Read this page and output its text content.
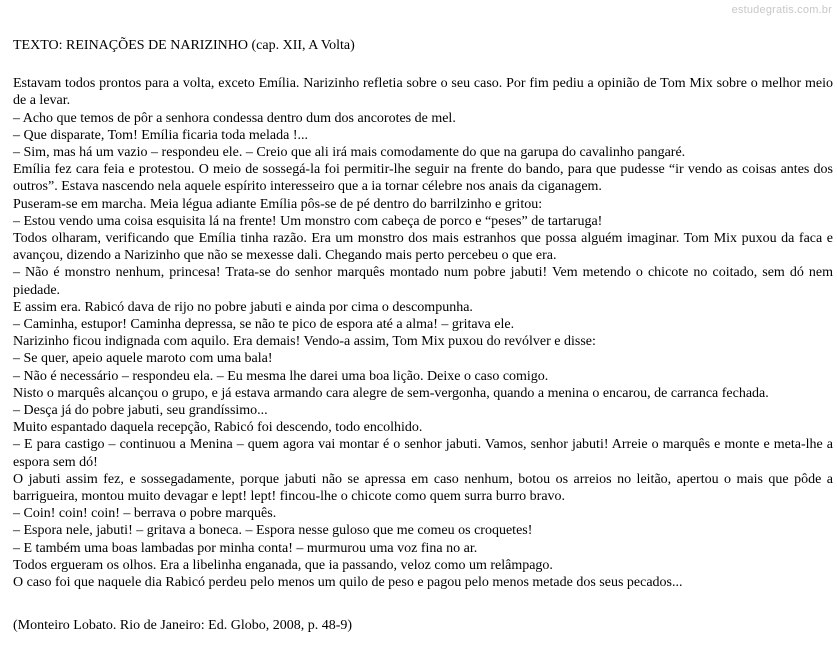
estudegratis.com.br
TEXTO: REINAÇÕES DE NARIZINHO (cap. XII, A Volta)

Estavam todos prontos para a volta, exceto Emília. Narizinho refletia sobre o seu caso. Por fim pediu a opinião de Tom Mix sobre o melhor meio de a levar.

– Acho que temos de pôr a senhora condessa dentro dum dos ancorotes de mel.

– Que disparate, Tom! Emília ficaria toda melada !...

– Sim, mas há um vazio – respondeu ele. – Creio que ali irá mais comodamente do que na garupa do cavalinho pangaré.

Emília fez cara feia e protestou. O meio de sossegá-la foi permitir-lhe seguir na frente do bando, para que pudesse “ir vendo as coisas antes dos outros”. Estava nascendo nela aquele espírito interesseiro que a ia tornar célebre nos anais da ciganagem.

Puseram-se em marcha. Meia légua adiante Emília pôs-se de pé dentro do barrilzinho e gritou:

– Estou vendo uma coisa esquisita lá na frente! Um monstro com cabeça de porco e “peses” de tartaruga!

Todos olharam, verificando que Emília tinha razão. Era um monstro dos mais estranhos que possa alguém imaginar. Tom Mix puxou da faca e avançou, dizendo a Narizinho que não se mexesse dali. Chegando mais perto percebeu o que era.

– Não é monstro nenhum, princesa! Trata-se do senhor marquês montado num pobre jabuti! Vem metendo o chicote no coitado, sem dó nem piedade.

E assim era. Rabicó dava de rijo no pobre jabuti e ainda por cima o descompunha.

– Caminha, estupor! Caminha depressa, se não te pico de espora até a alma! – gritava ele.

Narizinho ficou indignada com aquilo. Era demais! Vendo-a assim, Tom Mix puxou do revólver e disse:

– Se quer, apeio aquele maroto com uma bala!

– Não é necessário – respondeu ela. – Eu mesma lhe darei uma boa lição. Deixe o caso comigo.

Nisto o marquês alcançou o grupo, e já estava armando cara alegre de sem-vergonha, quando a menina o encarou, de carranca fechada.

– Desça já do pobre jabuti, seu grandíssimo...

Muito espantado daquela recepção, Rabicó foi descendo, todo encolhido.

– E para castigo – continuou a Menina – quem agora vai montar é o senhor jabuti. Vamos, senhor jabuti! Arreie o marquês e monte e meta-lhe a espora sem dó!

O jabuti assim fez, e sossegadamente, porque jabuti não se apressa em caso nenhum, botou os arreios no leitão, apertou o mais que pôde a barrigueira, montou muito devagar e lept! lept! fincou-lhe o chicote como quem surra burro bravo.

– Coin! coin! coin! – berrava o pobre marquês.

– Espora nele, jabuti! – gritava a boneca. – Espora nesse guloso que me comeu os croquetes!

– E também uma boas lambadas por minha conta! – murmurou uma voz fina no ar.

Todos ergueram os olhos. Era a libelinha enganada, que ia passando, veloz como um relâmpago.

O caso foi que naquele dia Rabicó perdeu pelo menos um quilo de peso e pagou pelo menos metade dos seus pecados...

(Monteiro Lobato. Rio de Janeiro: Ed. Globo, 2008, p. 48-9)
